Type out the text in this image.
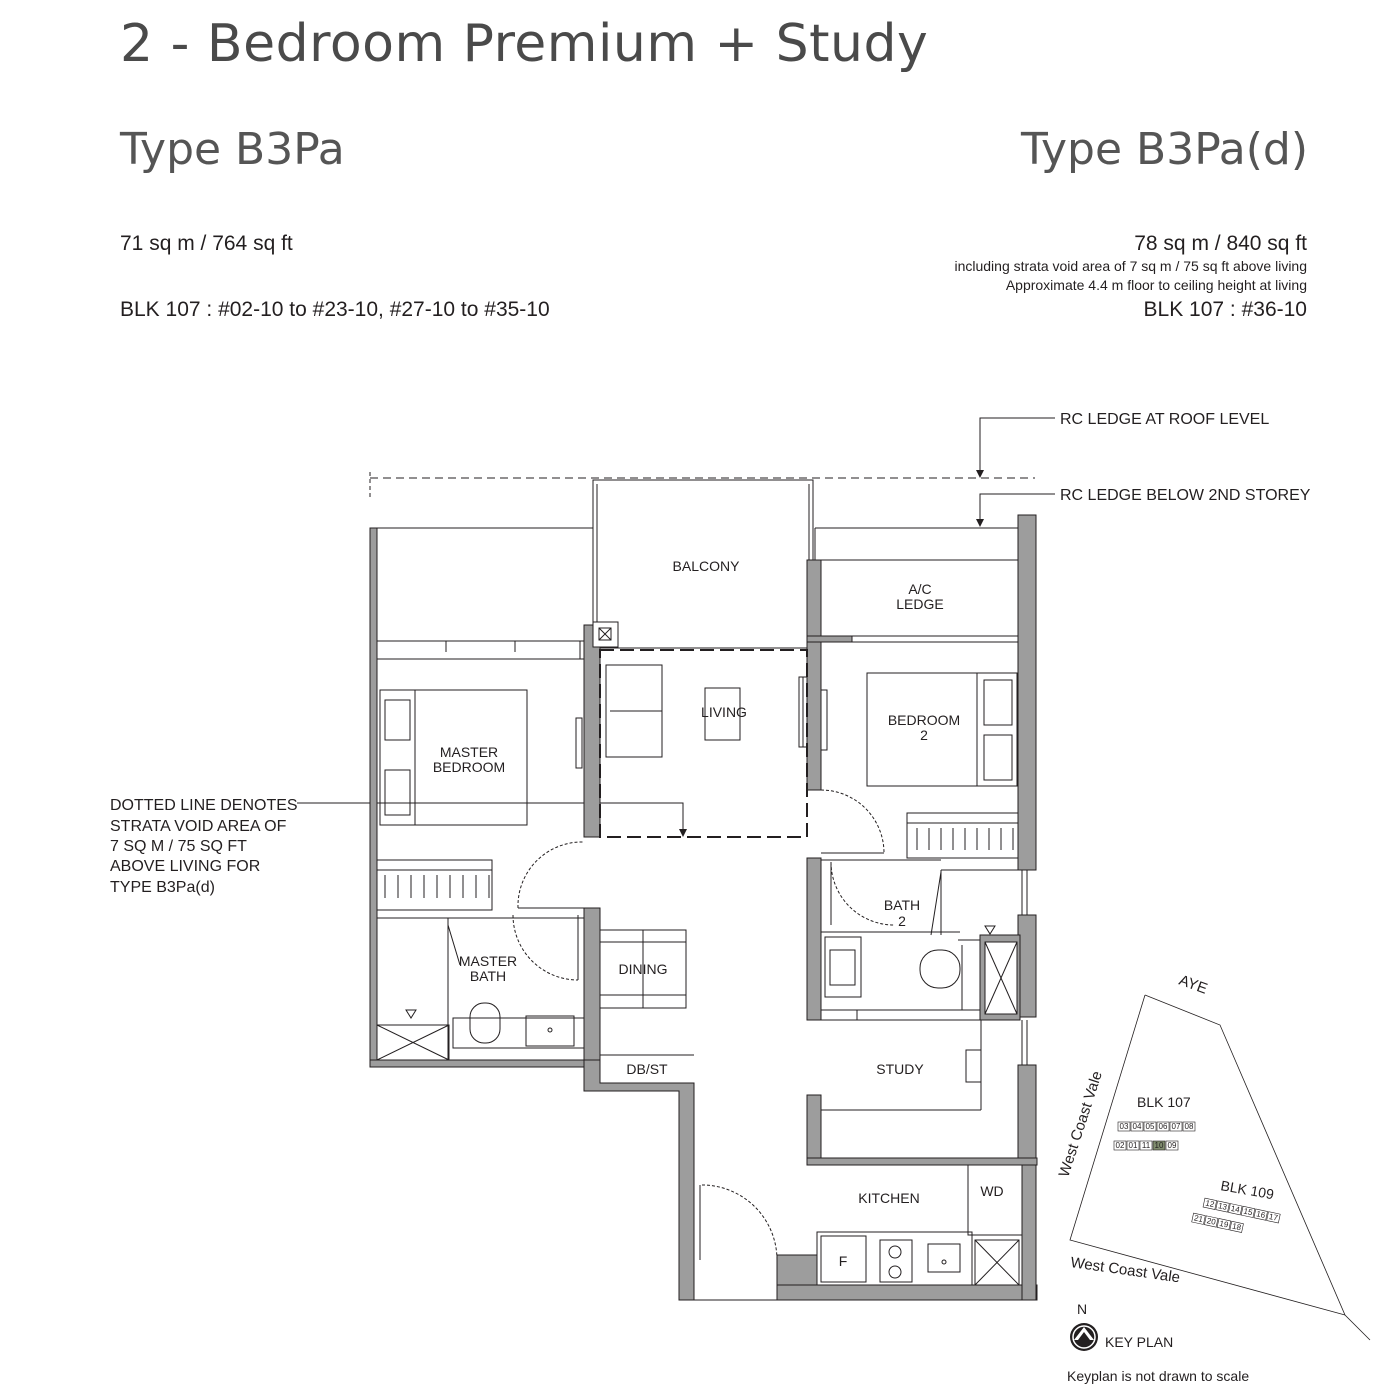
2 - Bedroom Premium + Study
Type B3Pa
71 sq m / 764 sq ft
BLK 107 : #02-10 to #23-10, #27-10 to #35-10
Type B3Pa(d)
78 sq m / 840 sq ft
including strata void area of 7 sq m / 75 sq ft above living
Approximate 4.4 m floor to ceiling height at living
BLK 107 : #36-10
BALCONY
A/C
LEDGE
LIVING
MASTER
BEDROOM
BEDROOM
2
BATH
2
MASTER
BATH	DINING
DB/ST	STUDY
KITCHEN	WD
F
RC LEDGE AT ROOF LEVEL
RC LEDGE BELOW 2ND STOREY
DOTTED LINE DENOTES
STRATA VOID AREA OF
7 SQ M / 75 SQ FT
ABOVE LIVING FOR
TYPE B3Pa(d)
AYE
West Coast Vale
West Coast Vale
BLK 107
03 04 05 06 07 08
02 01 11 10 09
BLK 109
12 13 14 15 16 17
21 20 19 18
N
KEY PLAN
Keyplan is not drawn to scale
